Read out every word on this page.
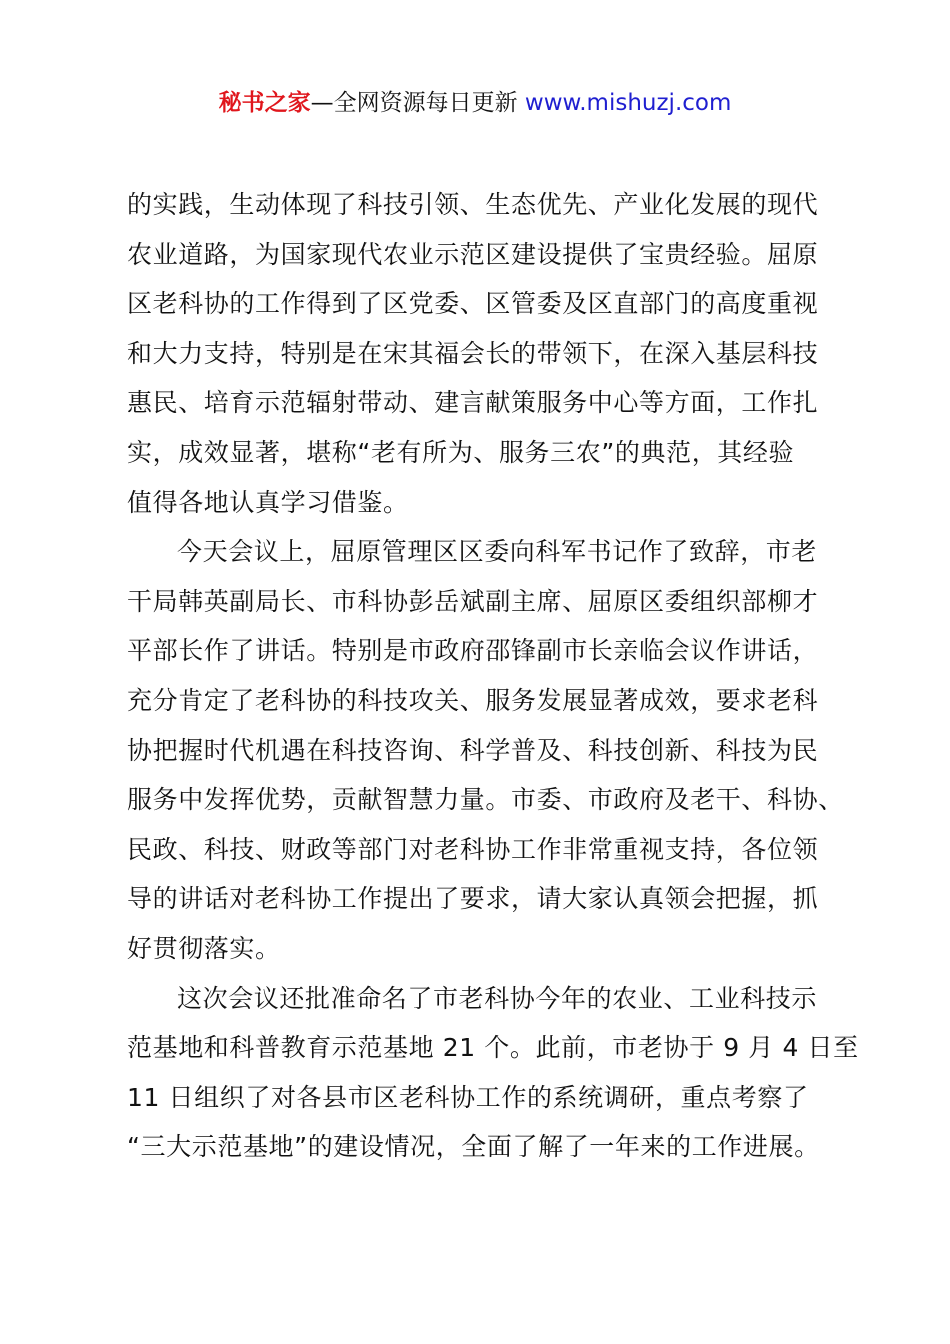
秘书之家—全网资源每日更新 www.mishuzj.com
的实践，生动体现了科技引领、生态优先、产业化发展的现代
农业道路，为国家现代农业示范区建设提供了宝贵经验。屈原
区老科协的工作得到了区党委、区管委及区直部门的高度重视
和大力支持，特别是在宋其福会长的带领下，在深入基层科技
惠民、培育示范辐射带动、建言献策服务中心等方面，工作扎
实，成效显著，堪称“老有所为、服务三农”的典范，其经验
值得各地认真学习借鉴。
今天会议上，屈原管理区区委向科军书记作了致辞，市老
干局韩英副局长、市科协彭岳斌副主席、屈原区委组织部柳才
平部长作了讲话。特别是市政府邵锋副市长亲临会议作讲话，
充分肯定了老科协的科技攻关、服务发展显著成效，要求老科
协把握时代机遇在科技咨询、科学普及、科技创新、科技为民
服务中发挥优势，贡献智慧力量。市委、市政府及老干、科协、
民政、科技、财政等部门对老科协工作非常重视支持，各位领
导的讲话对老科协工作提出了要求，请大家认真领会把握，抓
好贯彻落实。
这次会议还批准命名了市老科协今年的农业、工业科技示
范基地和科普教育示范基地 21 个。此前，市老协于 9 月 4 日至
11 日组织了对各县市区老科协工作的系统调研，重点考察了
“三大示范基地”的建设情况，全面了解了一年来的工作进展。
